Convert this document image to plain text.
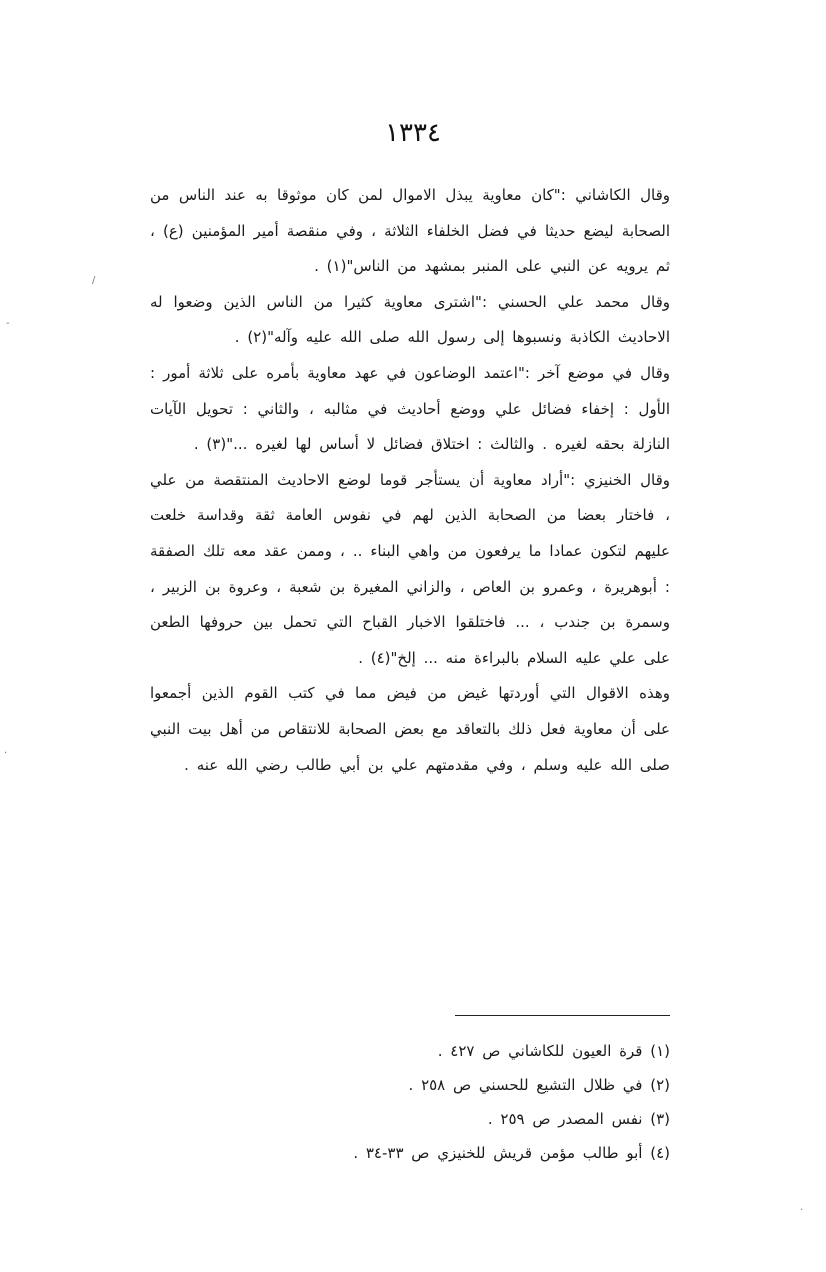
١٣٣٤

وقال الكاشاني :"كان معاوية يبذل الاموال لمن كان موثوقا به عند الناس من الصحابة ليضع حديثا في فضل الخلفاء الثلاثة ، وفي منقصة أمير المؤمنين (ع) ، ثم يرويه عن النبي على المنبر بمشهد من الناس"(١) .

وقال محمد علي الحسني :"اشترى معاوية كثيرا من الناس الذين وضعوا له الاحاديث الكاذبة ونسبوها إلى رسول الله صلى الله عليه وآله"(٢) .

وقال في موضع آخر :"اعتمد الوضاعون في عهد معاوية بأمره على ثلاثة أمور : الأول : إخفاء فضائل علي ووضع أحاديث في مثالبه ، والثاني : تحويل الآيات النازلة بحقه لغيره . والثالث : اختلاق فضائل لا أساس لها لغيره ..."(٣) .

وقال الخنيزي :"أراد معاوية أن يستأجر قوما لوضع الاحاديث المنتقصة من علي ، فاختار بعضا من الصحابة الذين لهم في نفوس العامة ثقة وقداسة خلعت عليهم لتكون عمادا ما يرفعون من واهي البناء .. ، وممن عقد معه تلك الصفقة : أبوهريرة ، وعمرو بن العاص ، والزاني المغيرة بن شعبة ، وعروة بن الزبير ، وسمرة بن جندب ، ... فاختلقوا الاخبار القباح التي تحمل بين حروفها الطعن على علي عليه السلام بالبراءة منه ... إلخ"(٤) .

وهذه الاقوال التي أوردتها غيض من فيض مما في كتب القوم الذين أجمعوا على أن معاوية فعل ذلك بالتعاقد مع بعض الصحابة للانتقاص من أهل بيت النبي صلى الله عليه وسلم ، وفي مقدمتهم علي بن أبي طالب رضي الله عنه .

(١) قرة العيون للكاشاني ص ٤٢٧ .
(٢) في ظلال التشيع للحسني ص ٢٥٨ .
(٣) نفس المصدر ص ٢٥٩ .
(٤) أبو طالب مؤمن قريش للخنيزي ص ٣٣-٣٤ .
-
/
·
·
